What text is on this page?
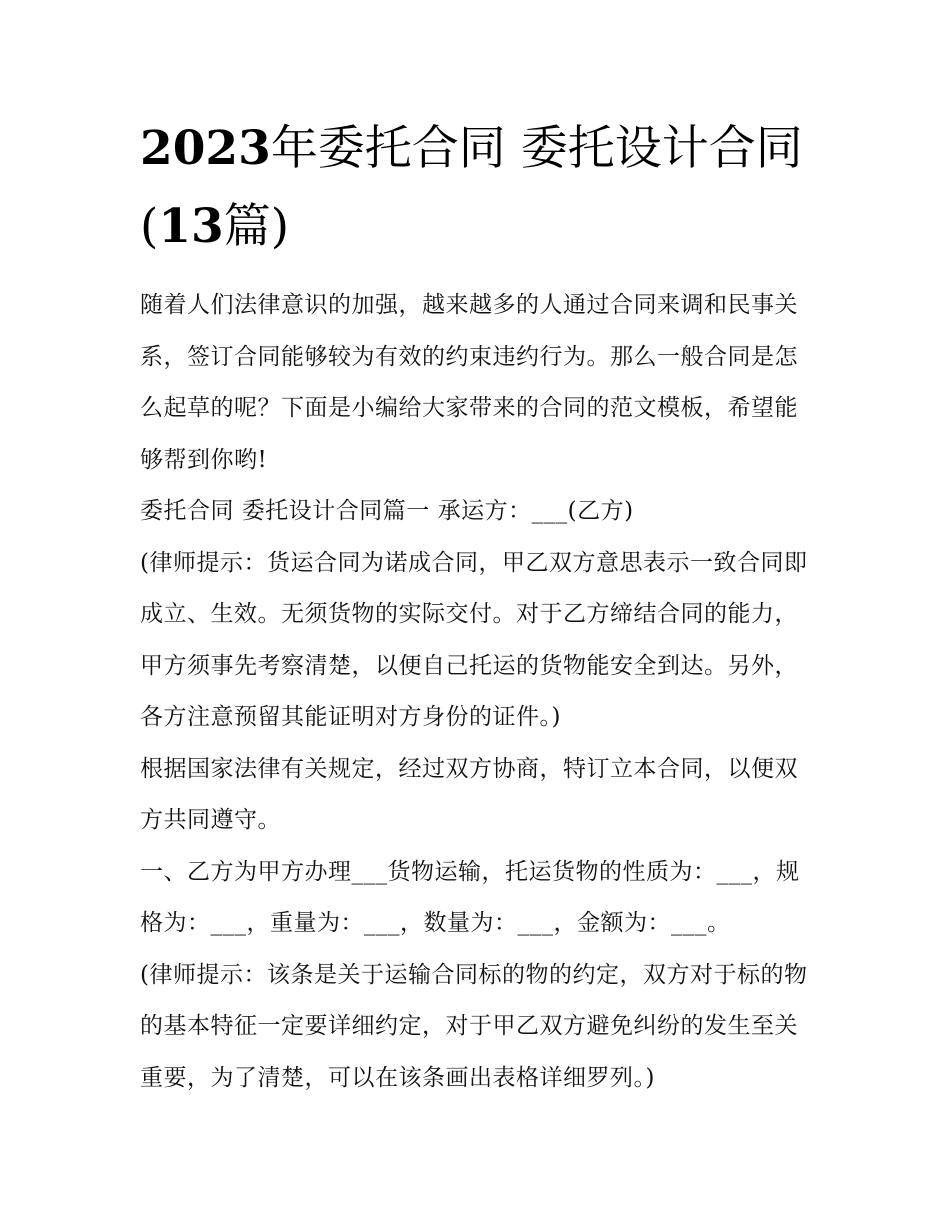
2023年委托合同 委托设计合同(13篇)

随着人们法律意识的加强，越来越多的人通过合同来调和民事关系，签订合同能够较为有效的约束违约行为。那么一般合同是怎么起草的呢？下面是小编给大家带来的合同的范文模板，希望能够帮到你哟!

委托合同 委托设计合同篇一 承运方：___(乙方)

(律师提示：货运合同为诺成合同，甲乙双方意思表示一致合同即成立、生效。无须货物的实际交付。对于乙方缔结合同的能力，甲方须事先考察清楚，以便自己托运的货物能安全到达。另外，各方注意预留其能证明对方身份的证件。)

根据国家法律有关规定，经过双方协商，特订立本合同，以便双方共同遵守。

一、乙方为甲方办理___货物运输，托运货物的性质为：___，规格为：___，重量为：___，数量为：___，金额为：___。

(律师提示：该条是关于运输合同标的物的约定，双方对于标的物的基本特征一定要详细约定，对于甲乙双方避免纠纷的发生至关重要，为了清楚，可以在该条画出表格详细罗列。)
